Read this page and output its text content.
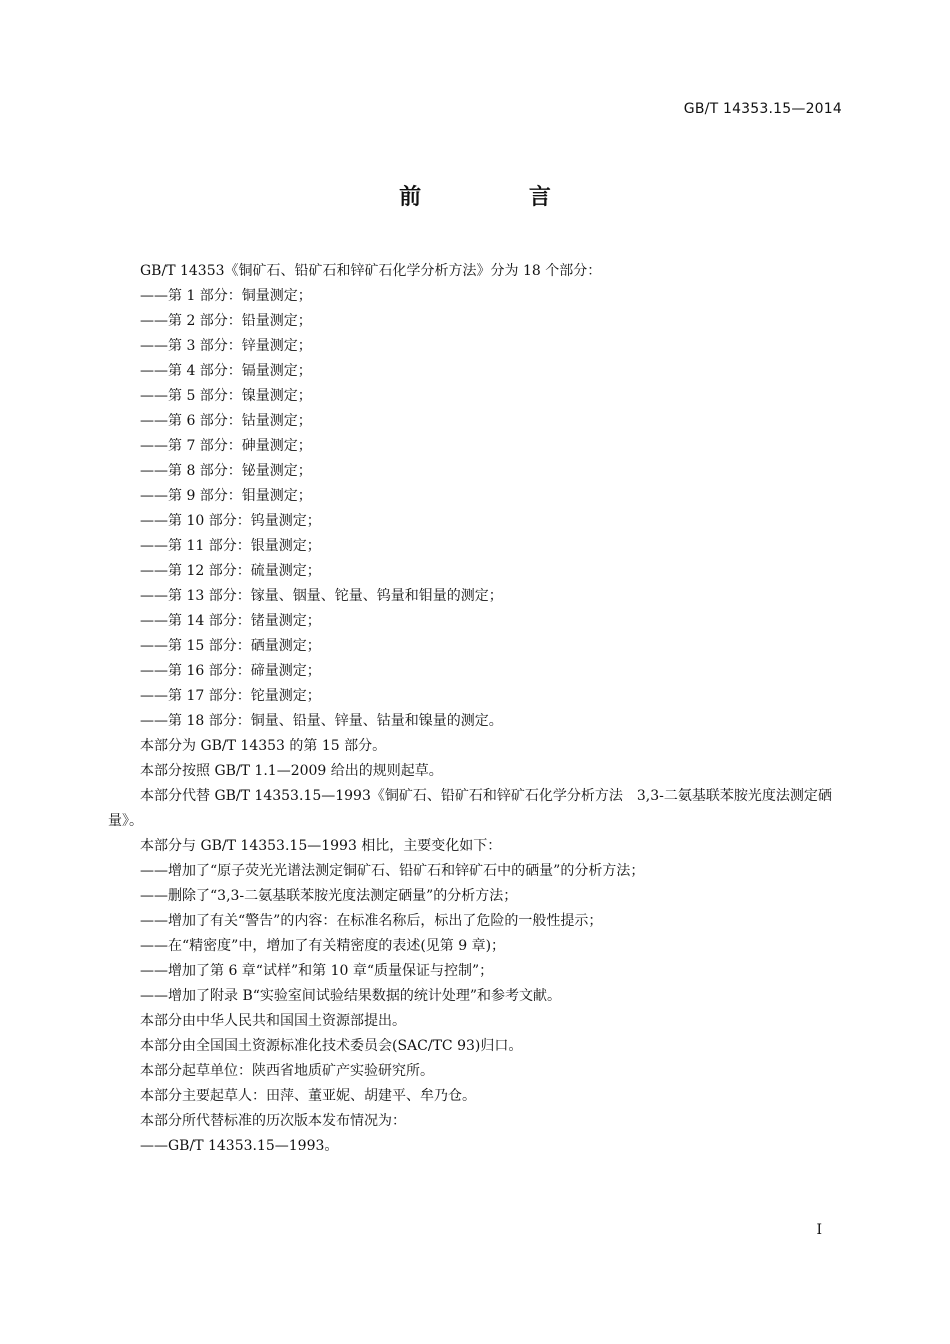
GB/T 14353.15—2014
前 言
GB/T 14353《铜矿石、铅矿石和锌矿石化学分析方法》分为 18 个部分：
——第 1 部分：铜量测定；
——第 2 部分：铅量测定；
——第 3 部分：锌量测定；
——第 4 部分：镉量测定；
——第 5 部分：镍量测定；
——第 6 部分：钴量测定；
——第 7 部分：砷量测定；
——第 8 部分：铋量测定；
——第 9 部分：钼量测定；
——第 10 部分：钨量测定；
——第 11 部分：银量测定；
——第 12 部分：硫量测定；
——第 13 部分：镓量、铟量、铊量、钨量和钼量的测定；
——第 14 部分：锗量测定；
——第 15 部分：硒量测定；
——第 16 部分：碲量测定；
——第 17 部分：铊量测定；
——第 18 部分：铜量、铅量、锌量、钴量和镍量的测定。
本部分为 GB/T 14353 的第 15 部分。
本部分按照 GB/T 1.1—2009 给出的规则起草。
本部分代替 GB/T 14353.15—1993《铜矿石、铅矿石和锌矿石化学分析方法　3,3-二氨基联苯胺光度法测定硒量》。
本部分与 GB/T 14353.15—1993 相比，主要变化如下：
——增加了“原子荧光光谱法测定铜矿石、铅矿石和锌矿石中的硒量”的分析方法；
——删除了“3,3-二氨基联苯胺光度法测定硒量”的分析方法；
——增加了有关“警告”的内容：在标准名称后，标出了危险的一般性提示；
——在“精密度”中，增加了有关精密度的表述(见第 9 章)；
——增加了第 6 章“试样”和第 10 章“质量保证与控制”；
——增加了附录 B“实验室间试验结果数据的统计处理”和参考文献。
本部分由中华人民共和国国土资源部提出。
本部分由全国国土资源标准化技术委员会(SAC/TC 93)归口。
本部分起草单位：陕西省地质矿产实验研究所。
本部分主要起草人：田萍、董亚妮、胡建平、牟乃仓。
本部分所代替标准的历次版本发布情况为：
——GB/T 14353.15—1993。
I
